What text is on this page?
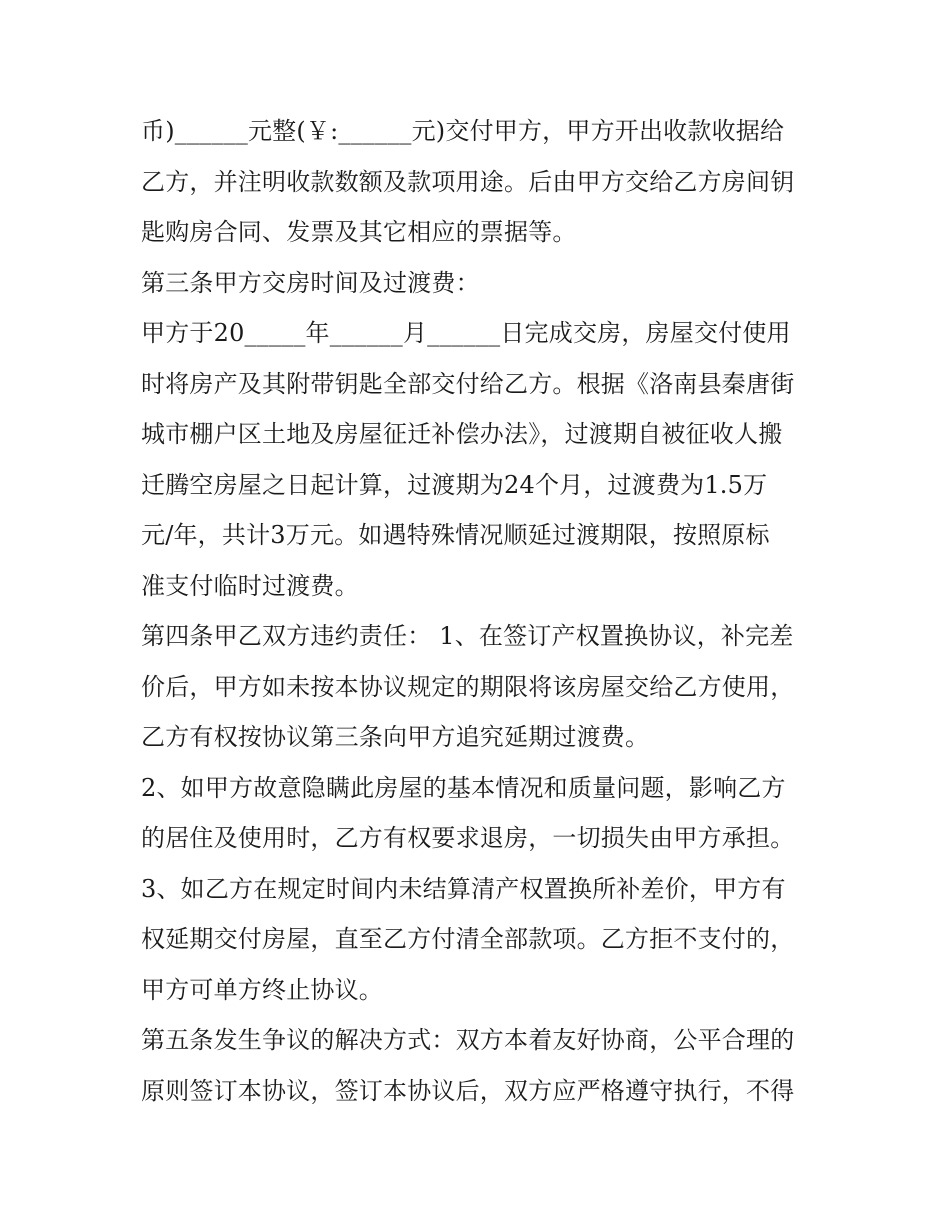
币)______元整(￥:______元)交付甲方，甲方开出收款收据给
乙方，并注明收款数额及款项用途。后由甲方交给乙方房间钥
匙购房合同、发票及其它相应的票据等。
第三条甲方交房时间及过渡费：
甲方于20_____年______月______日完成交房，房屋交付使用
时将房产及其附带钥匙全部交付给乙方。根据《洛南县秦唐街
城市棚户区土地及房屋征迁补偿办法》，过渡期自被征收人搬
迁腾空房屋之日起计算，过渡期为24个月，过渡费为1.5万
元/年，共计3万元。如遇特殊情况顺延过渡期限，按照原标
准支付临时过渡费。
第四条甲乙双方违约责任： 1、在签订产权置换协议，补完差
价后，甲方如未按本协议规定的期限将该房屋交给乙方使用，
乙方有权按协议第三条向甲方追究延期过渡费。
2、如甲方故意隐瞒此房屋的基本情况和质量问题，影响乙方
的居住及使用时，乙方有权要求退房，一切损失由甲方承担。
3、如乙方在规定时间内未结算清产权置换所补差价，甲方有
权延期交付房屋，直至乙方付清全部款项。乙方拒不支付的，
甲方可单方终止协议。
第五条发生争议的解决方式：双方本着友好协商，公平合理的
原则签订本协议，签订本协议后，双方应严格遵守执行，不得
